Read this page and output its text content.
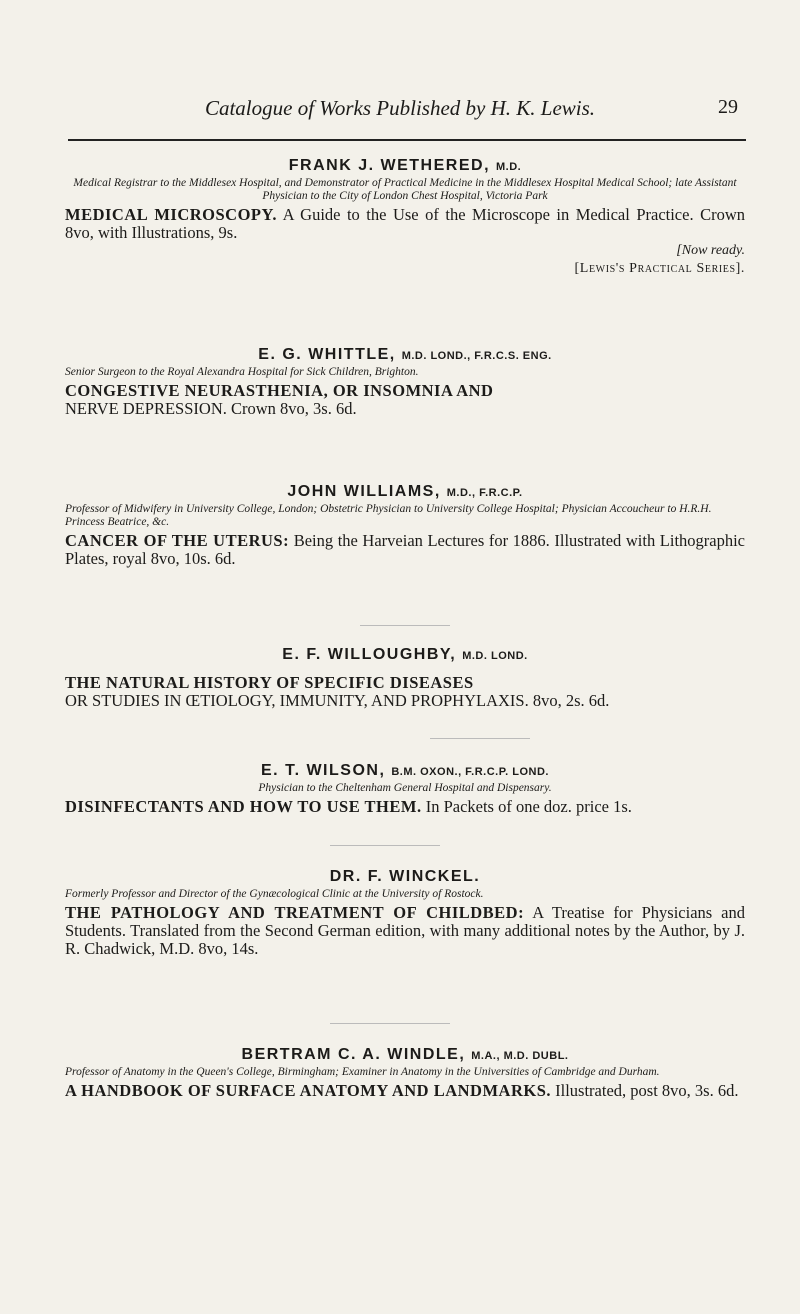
Catalogue of Works Published by H. K. Lewis.	29
FRANK J. WETHERED, M.D.
Medical Registrar to the Middlesex Hospital, and Demonstrator of Practical Medicine in the Middlesex Hospital Medical School; late Assistant Physician to the City of London Chest Hospital, Victoria Park
MEDICAL MICROSCOPY. A Guide to the Use of the Microscope in Medical Practice. Crown 8vo, with Illustrations, 9s.
[Now ready.
[Lewis's Practical Series].
E. G. WHITTLE, M.D. LOND., F.R.C.S. ENG.
Senior Surgeon to the Royal Alexandra Hospital for Sick Children, Brighton.
CONGESTIVE NEURASTHENIA, OR INSOMNIA AND
NERVE DEPRESSION. Crown 8vo, 3s. 6d.
JOHN WILLIAMS, M.D., F.R.C.P.
Professor of Midwifery in University College, London; Obstetric Physician to University College Hospital; Physician Accoucheur to H.R.H. Princess Beatrice, &c.
CANCER OF THE UTERUS: Being the Harveian Lectures for 1886. Illustrated with Lithographic Plates, royal 8vo, 10s. 6d.
E. F. WILLOUGHBY, M.D. LOND.
THE NATURAL HISTORY OF SPECIFIC DISEASES
OR STUDIES IN ŒTIOLOGY, IMMUNITY, AND PROPHYLAXIS. 8vo, 2s. 6d.
E. T. WILSON, B.M. OXON., F.R.C.P. LOND.
Physician to the Cheltenham General Hospital and Dispensary.
DISINFECTANTS AND HOW TO USE THEM. In Packets of one doz. price 1s.
DR. F. WINCKEL.
Formerly Professor and Director of the Gynæcological Clinic at the University of Rostock.
THE PATHOLOGY AND TREATMENT OF CHILDBED: A Treatise for Physicians and Students. Translated from the Second German edition, with many additional notes by the Author, by J. R. Chadwick, M.D. 8vo, 14s.
BERTRAM C. A. WINDLE, M.A., M.D. DUBL.
Professor of Anatomy in the Queen's College, Birmingham; Examiner in Anatomy in the Universities of Cambridge and Durham.
A HANDBOOK OF SURFACE ANATOMY AND LANDMARKS. Illustrated, post 8vo, 3s. 6d.
